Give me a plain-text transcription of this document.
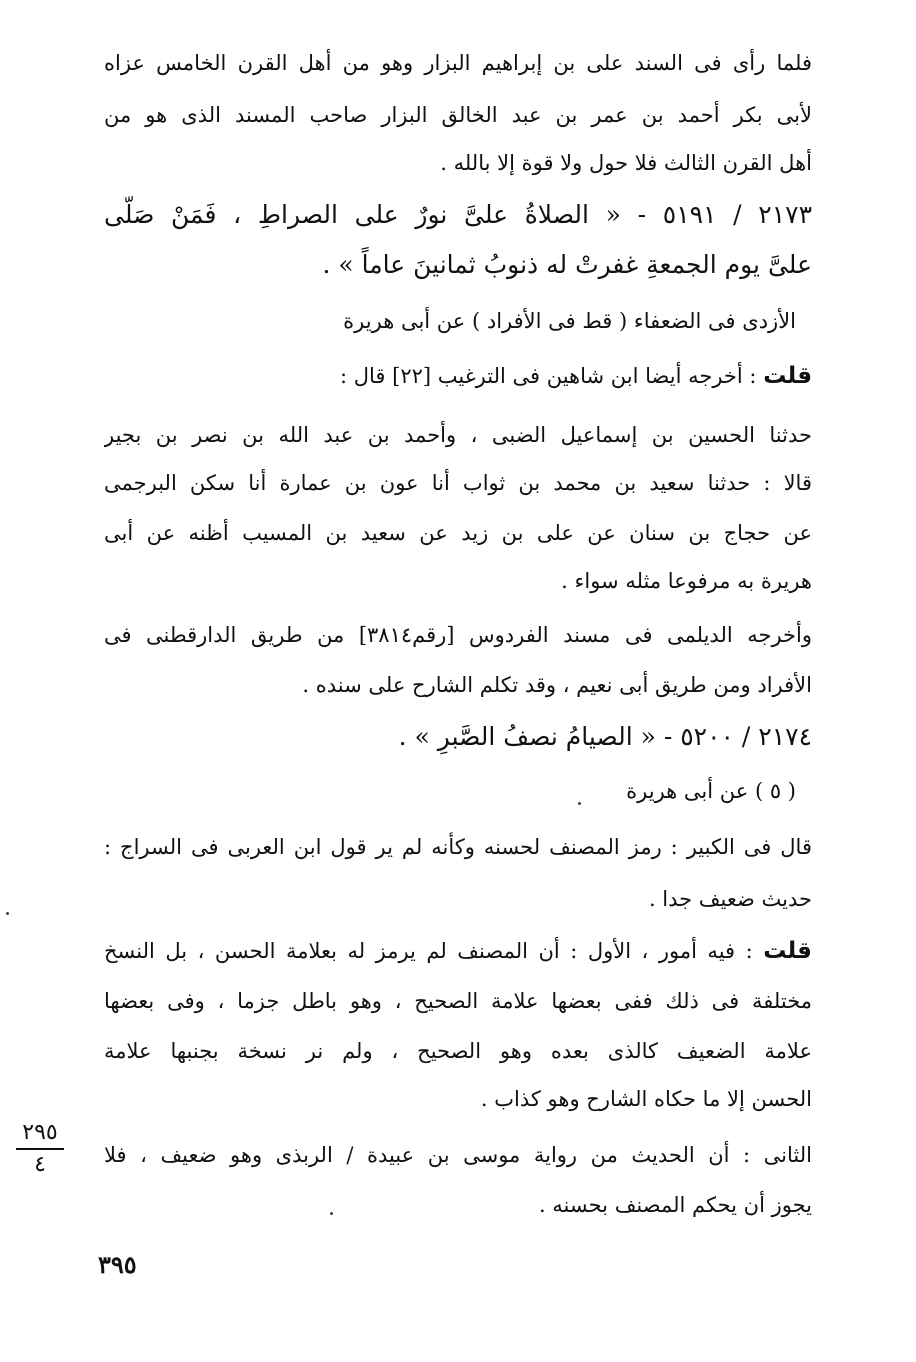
فلما رأى فى السند على بن إبراهيم البزار وهو من أهل القرن الخامس عزاه
لأبى بكر أحمد بن عمر بن عبد الخالق البزار صاحب المسند الذى هو من
أهل القرن الثالث فلا حول ولا قوة إلا بالله .
٢١٧٣ / ٥١٩١ - « الصلاةُ علىَّ نورٌ على الصراطِ ، فَمَنْ صَلَّى
علىَّ يوم الجمعةِ غفرتْ له ذنوبُ ثمانينَ عاماً » .
الأزدى فى الضعفاء ( قط فى الأفراد ) عن أبى هريرة
قلت : أخرجه أيضا ابن شاهين فى الترغيب [٢٢] قال :
حدثنا الحسين بن إسماعيل الضبى ، وأحمد بن عبد الله بن نصر بن بجير
قالا : حدثنا سعيد بن محمد بن ثواب أنا عون بن عمارة أنا سكن البرجمى
عن حجاج بن سنان عن على بن زيد عن سعيد بن المسيب أظنه عن أبى
هريرة به مرفوعا مثله سواء .
وأخرجه الديلمى فى مسند الفردوس [رقم٣٨١٤] من طريق الدارقطنى فى
الأفراد ومن طريق أبى نعيم ، وقد تكلم الشارح على سنده .
٢١٧٤ / ٥٢٠٠ - « الصيامُ نصفُ الصَّبرِ » .
( ٥ ) عن أبى هريرة
قال فى الكبير : رمز المصنف لحسنه وكأنه لم ير قول ابن العربى فى السراج :
حديث ضعيف جدا .
قلت : فيه أمور ، الأول : أن المصنف لم يرمز له بعلامة الحسن ، بل النسخ
مختلفة فى ذلك ففى بعضها علامة الصحيح ، وهو باطل جزما ، وفى بعضها
علامة الضعيف كالذى بعده وهو الصحيح ، ولم نر نسخة بجنبها علامة
الحسن إلا ما حكاه الشارح وهو كذاب .
الثانى : أن الحديث من رواية موسى بن عبيدة / الربذى وهو ضعيف ، فلا
يجوز أن يحكم المصنف بحسنه .
٢٩٥
٤
٣٩٥
